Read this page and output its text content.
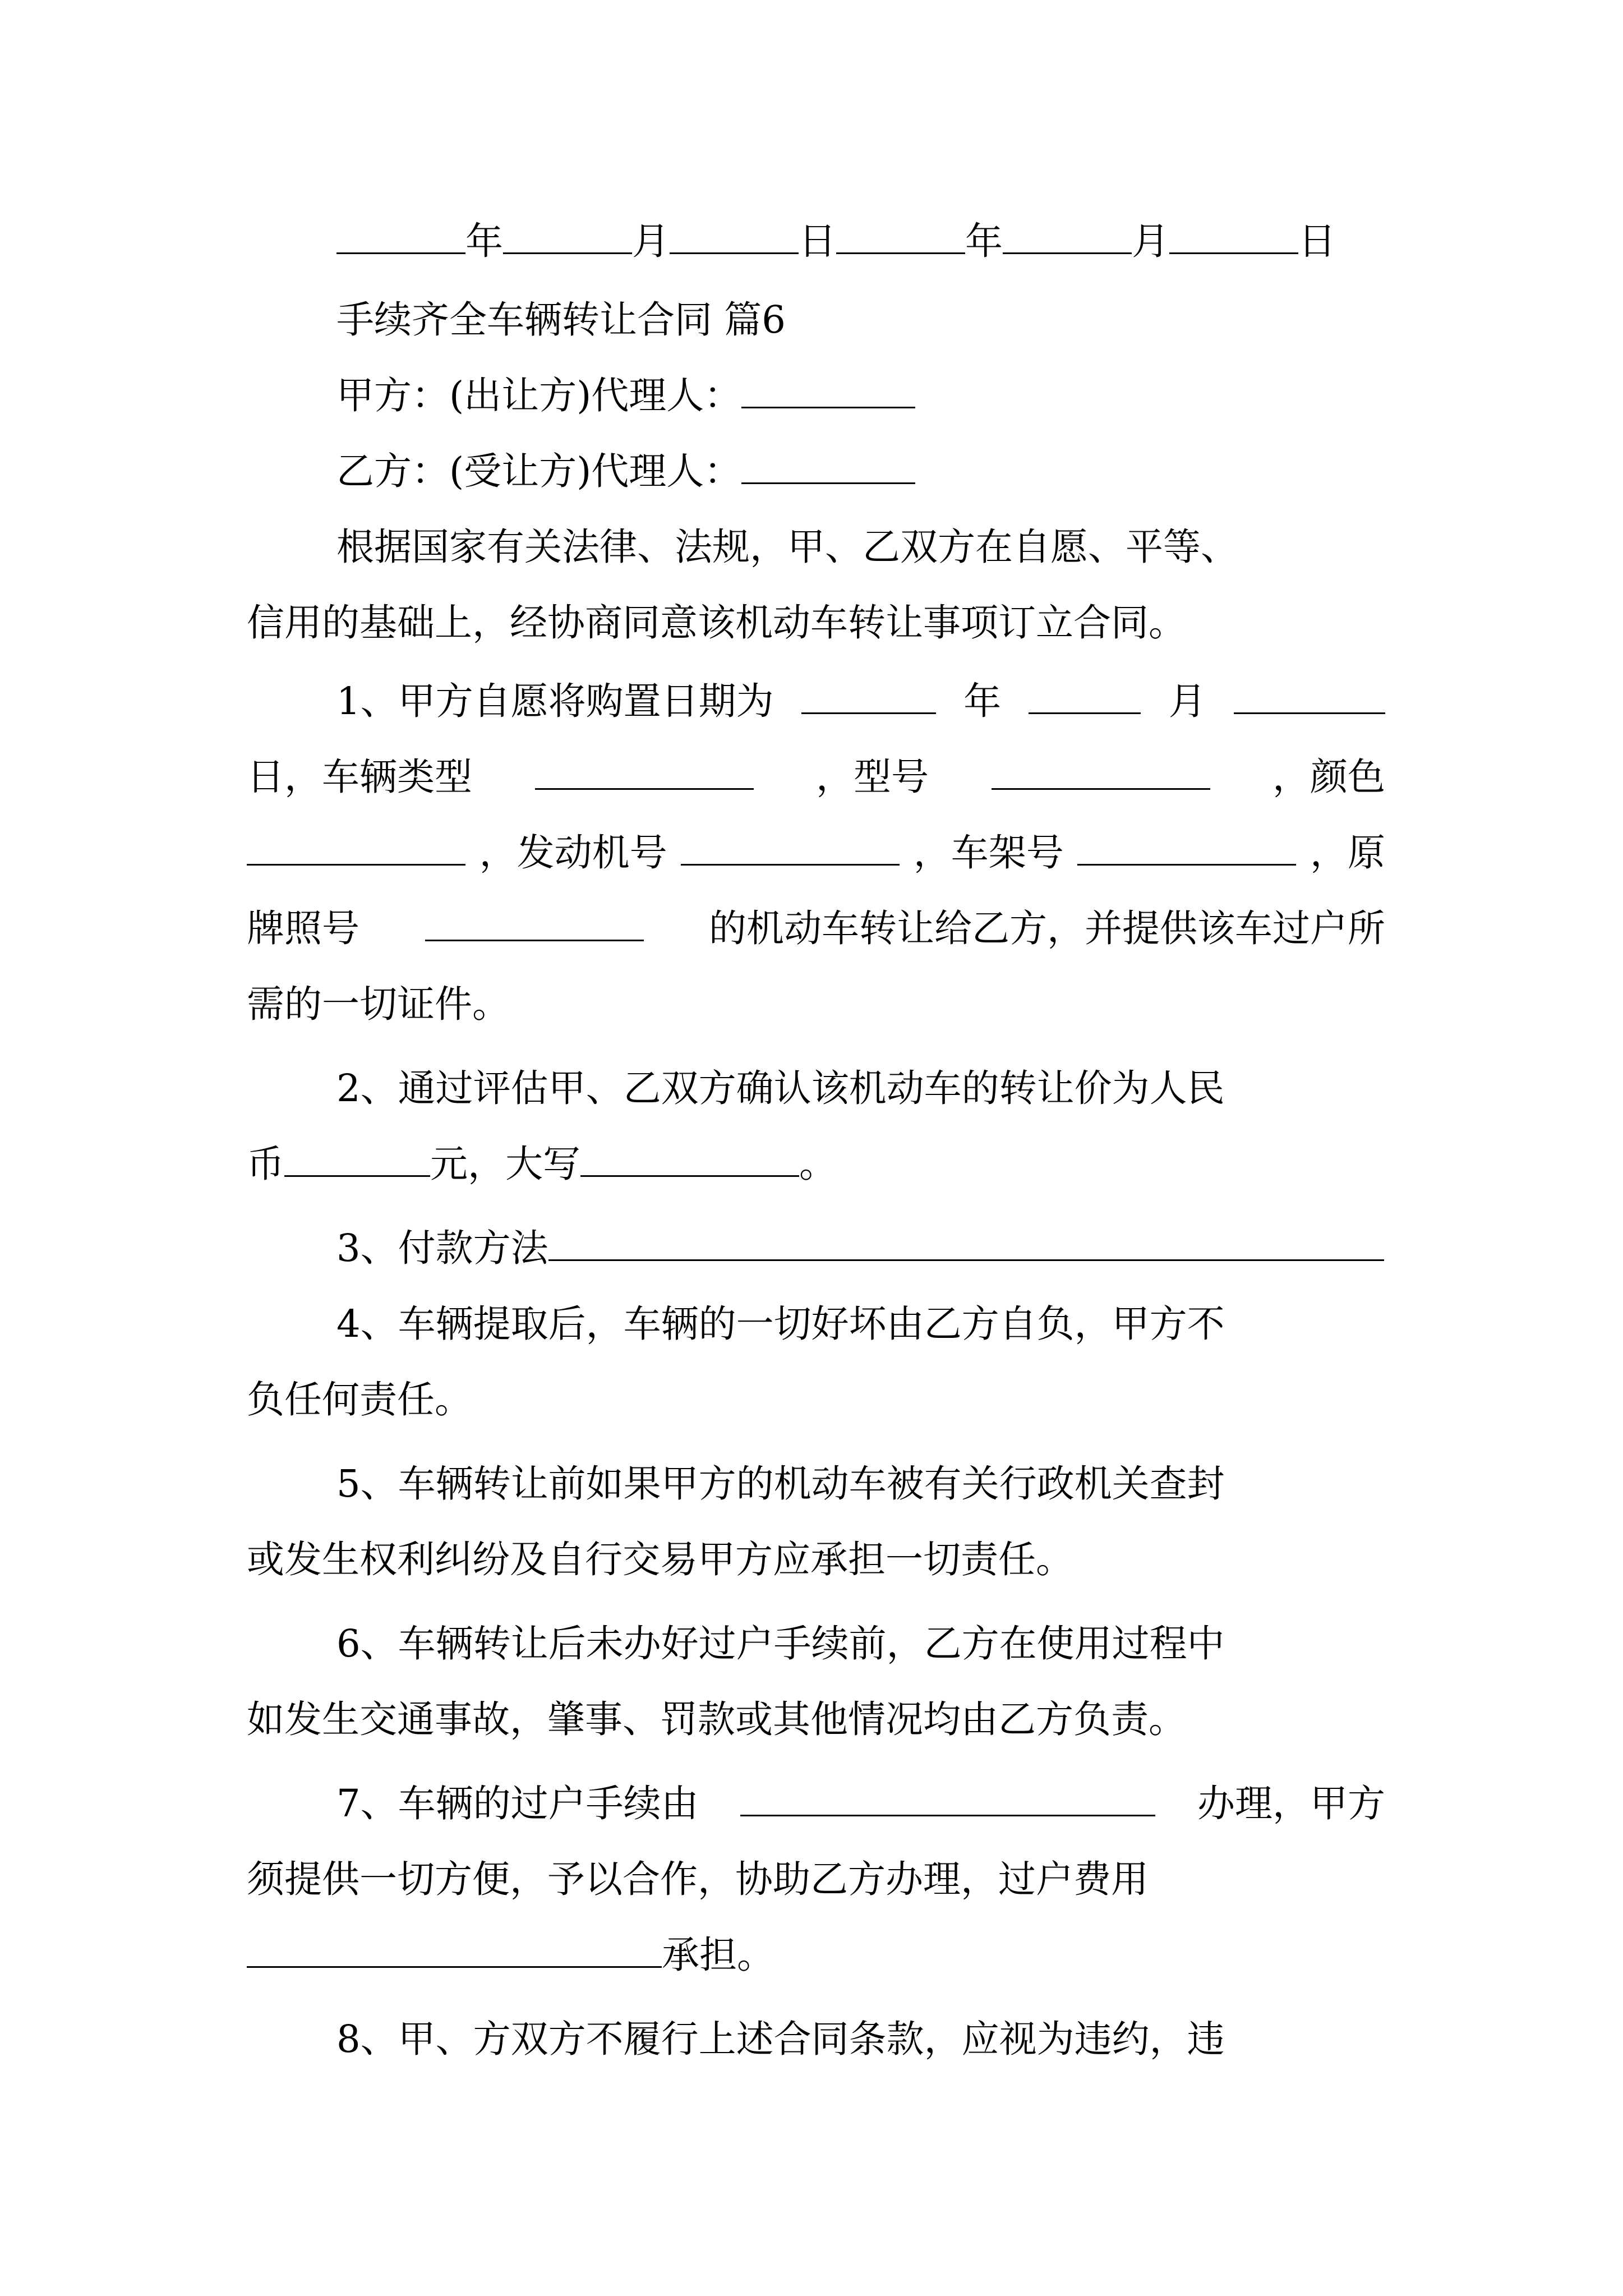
年	月	日	年	月	日
手续齐全车辆转让合同 篇6
甲方：(出让方)代理人：
乙方：(受让方)代理人：
根据国家有关法律、法规，甲、乙双方在自愿、平等、
信用的基础上，经协商同意该机动车转让事项订立合同。
1、甲方自愿将购置日期为	年	月
日，车辆类型	，型号	，颜色
，发动机号	，车架号	，原
牌照号	的机动车转让给乙方，并提供该车过户所
需的一切证件。
2、通过评估甲、乙双方确认该机动车的转让价为人民
币	元，大写	。
3、付款方法
4、车辆提取后，车辆的一切好坏由乙方自负，甲方不
负任何责任。
5、车辆转让前如果甲方的机动车被有关行政机关查封
或发生权利纠纷及自行交易甲方应承担一切责任。
6、车辆转让后未办好过户手续前，乙方在使用过程中
如发生交通事故，肇事、罚款或其他情况均由乙方负责。
7、车辆的过户手续由	办理，甲方
须提供一切方便，予以合作，协助乙方办理，过户费用
承担。
8、甲、方双方不履行上述合同条款，应视为违约，违
